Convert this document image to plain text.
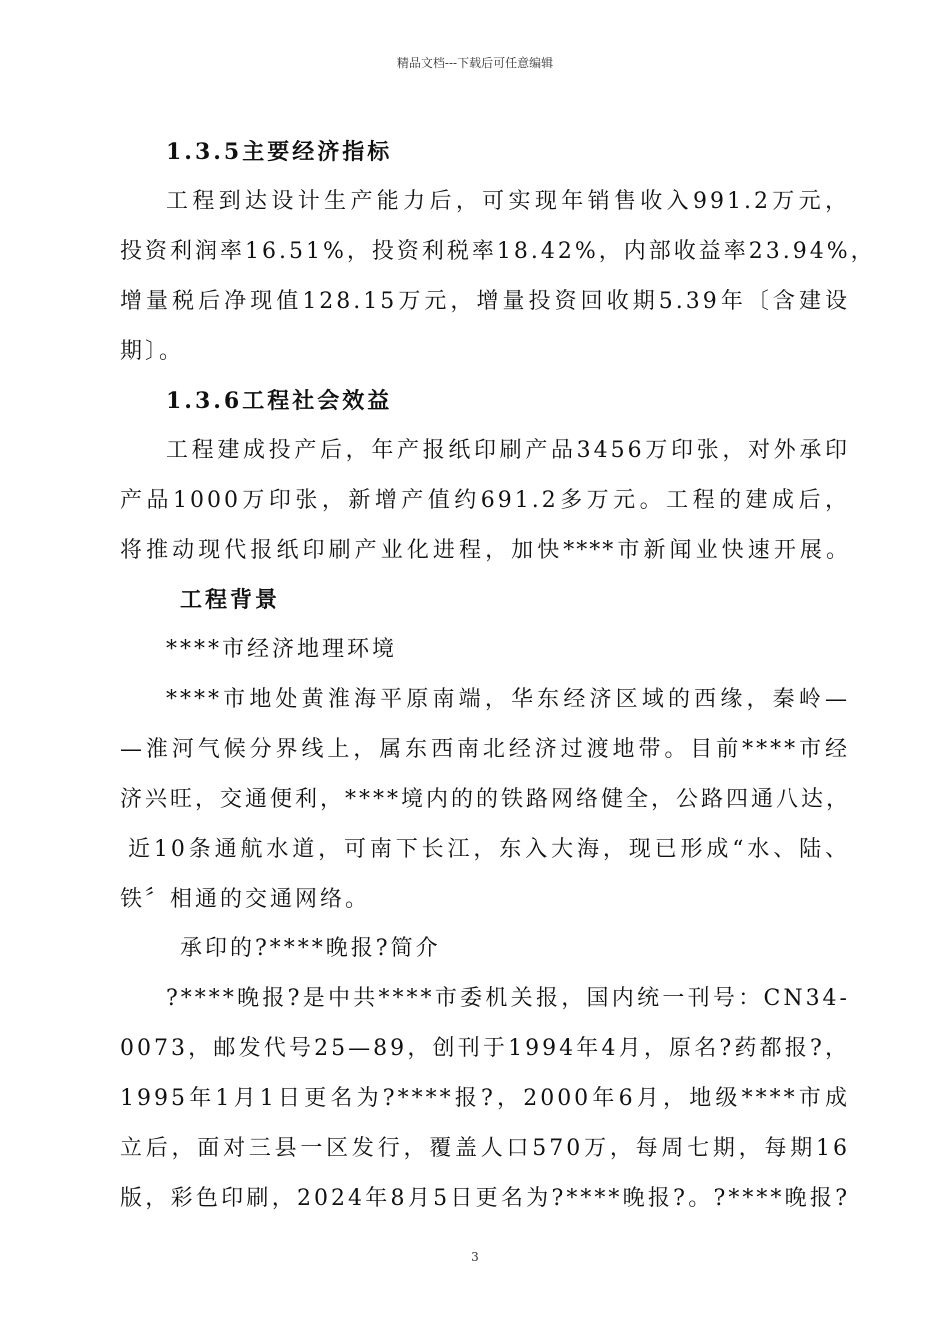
精品文档---下载后可任意编辑
1.3.5主要经济指标
工程到达设计生产能力后，可实现年销售收入991.2万元，
投资利润率16.51%，投资利税率18.42%，内部收益率23.94%，
增量税后净现值128.15万元，增量投资回收期5.39年〔含建设
期〕。
1.3.6工程社会效益
工程建成投产后，年产报纸印刷产品3456万印张，对外承印
产品1000万印张，新增产值约691.2多万元。工程的建成后，
将推动现代报纸印刷产业化进程，加快****市新闻业快速开展。
工程背景
****市经济地理环境
****市地处黄淮海平原南端，华东经济区域的西缘，秦岭—
—淮河气候分界线上，属东西南北经济过渡地带。目前****市经
济兴旺，交通便利，****境内的的铁路网络健全，公路四通八达，
近10条通航水道，可南下长江，东入大海，现已形成“水、陆、
铁〞相通的交通网络。
承印的?****晚报?简介
?****晚报?是中共****市委机关报，国内统一刊号：CN34-
0073，邮发代号25—89，创刊于1994年4月，原名?药都报?，
1995年1月1日更名为?****报?，2000年6月，地级****市成
立后，面对三县一区发行，覆盖人口570万，每周七期，每期16
版，彩色印刷，2024年8月5日更名为?****晚报?。?****晚报?
3
